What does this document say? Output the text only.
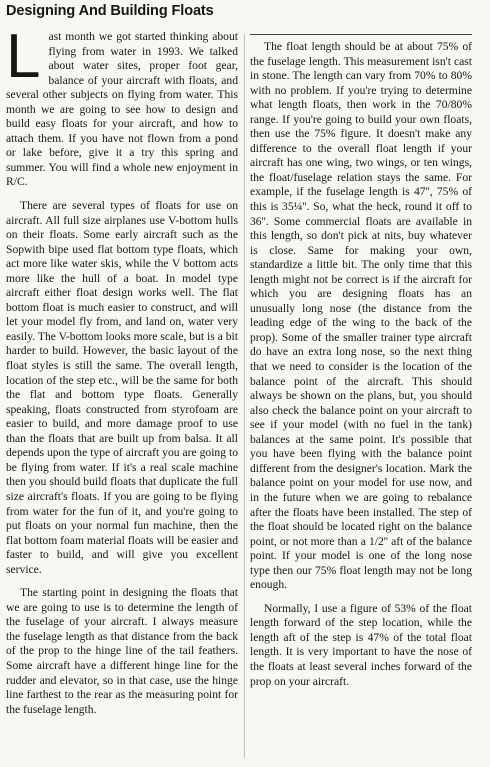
Designing And Building Floats

Last month we got started thinking about flying from water in 1993. We talked about water sites, proper foot gear, balance of your aircraft with floats, and several other subjects on flying from water. This month we are going to see how to design and build easy floats for your aircraft, and how to attach them. If you have not flown from a pond or lake before, give it a try this spring and summer. You will find a whole new enjoyment in R/C.

There are several types of floats for use on aircraft. All full size airplanes use V-bottom hulls on their floats. Some early aircraft such as the Sopwith bipe used flat bottom type floats, which act more like water skis, while the V bottom acts more like the hull of a boat. In model type aircraft either float design works well. The flat bottom float is much easier to construct, and will let your model fly from, and land on, water very easily. The V-bottom looks more scale, but is a bit harder to build. However, the basic layout of the float styles is still the same. The overall length, location of the step etc., will be the same for both the flat and bottom type floats. Generally speaking, floats constructed from styrofoam are easier to build, and more damage proof to use than the floats that are built up from balsa. It all depends upon the type of aircraft you are going to be flying from water. If it's a real scale machine then you should build floats that duplicate the full size aircraft's floats. If you are going to be flying from water for the fun of it, and you're going to put floats on your normal fun machine, then the flat bottom foam material floats will be easier and faster to build, and will give you excellent service.

The starting point in designing the floats that we are going to use is to determine the length of the fuselage of your aircraft. I always measure the fuselage length as that distance from the back of the prop to the hinge line of the tail feathers. Some aircraft have a different hinge line for the rudder and elevator, so in that case, use the hinge line farthest to the rear as the measuring point for the fuselage length.

The float length should be at about 75% of the fuselage length. This measurement isn't cast in stone. The length can vary from 70% to 80% with no problem. If you're trying to determine what length floats, then work in the 70/80% range. If you're going to build your own floats, then use the 75% figure. It doesn't make any difference to the overall float length if your aircraft has one wing, two wings, or ten wings, the float/fuselage relation stays the same. For example, if the fuselage length is 47'', 75% of this is 35¼''. So, what the heck, round it off to 36''. Some commercial floats are available in this length, so don't pick at nits, buy whatever is close. Same for making your own, standardize a little bit. The only time that this length might not be correct is if the aircraft for which you are designing floats has an unusually long nose (the distance from the leading edge of the wing to the back of the prop). Some of the smaller trainer type aircraft do have an extra long nose, so the next thing that we need to consider is the location of the balance point of the aircraft. This should always be shown on the plans, but, you should also check the balance point on your aircraft to see if your model (with no fuel in the tank) balances at the same point. It's possible that you have been flying with the balance point different from the designer's location. Mark the balance point on your model for use now, and in the future when we are going to rebalance after the floats have been installed. The step of the float should be located right on the balance point, or not more than a 1/2'' aft of the balance point. If your model is one of the long nose type then our 75% float length may not be long enough.

Normally, I use a figure of 53% of the float length forward of the step location, while the length aft of the step is 47% of the total float length. It is very important to have the nose of the floats at least several inches forward of the prop on your aircraft.
